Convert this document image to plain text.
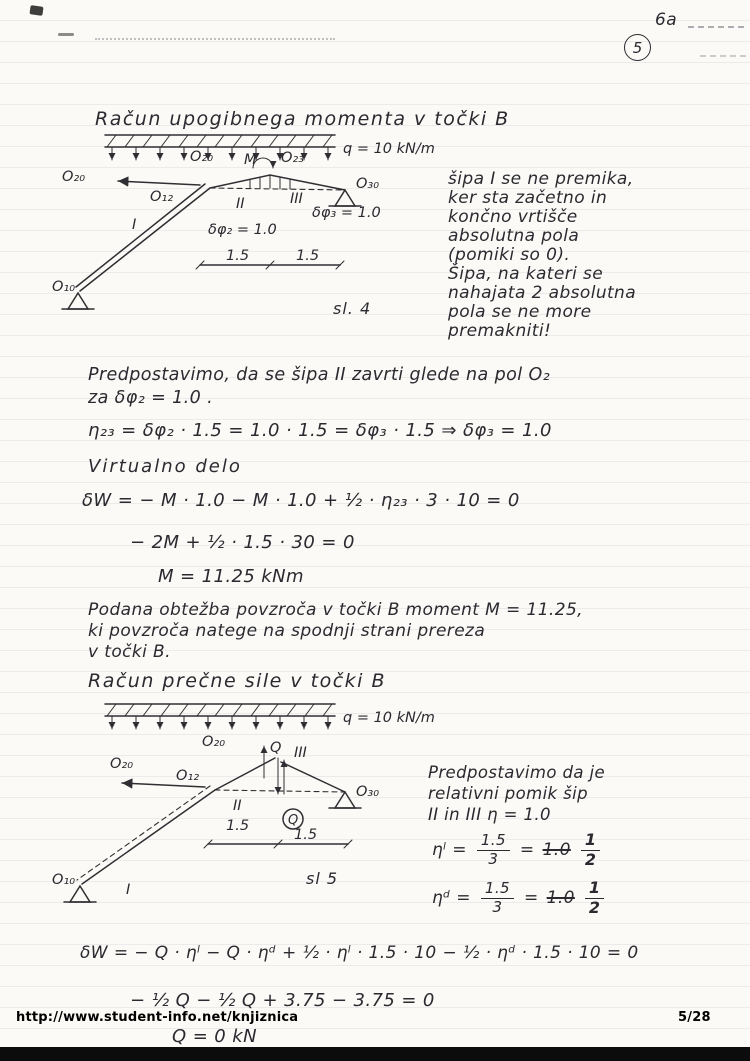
6a
5
Račun upogibnega momenta v točki B
q = 10 kN/m
O₂₀
O₁₂
O₂₀ M O₂₃
O₃₀
O₁₀
I
II	III
δφ₂ = 1.0
δφ₃ = 1.0
1.5	1.5
sl. 4
šipa I se ne premika,
ker sta začetno in
končno vrtišče
absolutna pola
(pomiki so 0).
Šipa, na kateri se
nahajata 2 absolutna
pola se ne more
premakniti!
Predpostavimo, da se šipa II zavrti glede na pol O₂
za δφ₂ = 1.0 .
η₂₃ = δφ₂ · 1.5 = 1.0 · 1.5 = δφ₃ · 1.5 ⇒ δφ₃ = 1.0
Virtualno delo
δW = − M · 1.0 − M · 1.0 + ½ · η₂₃ · 3 · 10 = 0
− 2M + ½ · 1.5 · 30 = 0
M = 11.25 kNm
Podana obtežba povzroča v točki B moment M = 11.25,
ki povzroča natege na spodnji strani prereza
v točki B.
Račun prečne sile v točki B
q = 10 kN/m
O₂₀
O₁₂
O₂₀	Q
Q
O₃₀
O₁₀
I
II
III
1.5
1.5
sl 5
Predpostavimo da je
relativni pomik šip
II in III η = 1.0
ηˡ = $\frac{1.5}{3} = 1.0 \frac{1}{2}$
ηᵈ = $\frac{1.5}{3} = 1.0 \frac{1}{2}$
δW = − Q · ηˡ − Q · ηᵈ + ½ · ηˡ · 1.5 · 10 − ½ · ηᵈ · 1.5 · 10 = 0
− ½ Q − ½ Q + 3.75 − 3.75 = 0
Q = 0 kN
http://www.student-info.net/knjiznica	5/28
